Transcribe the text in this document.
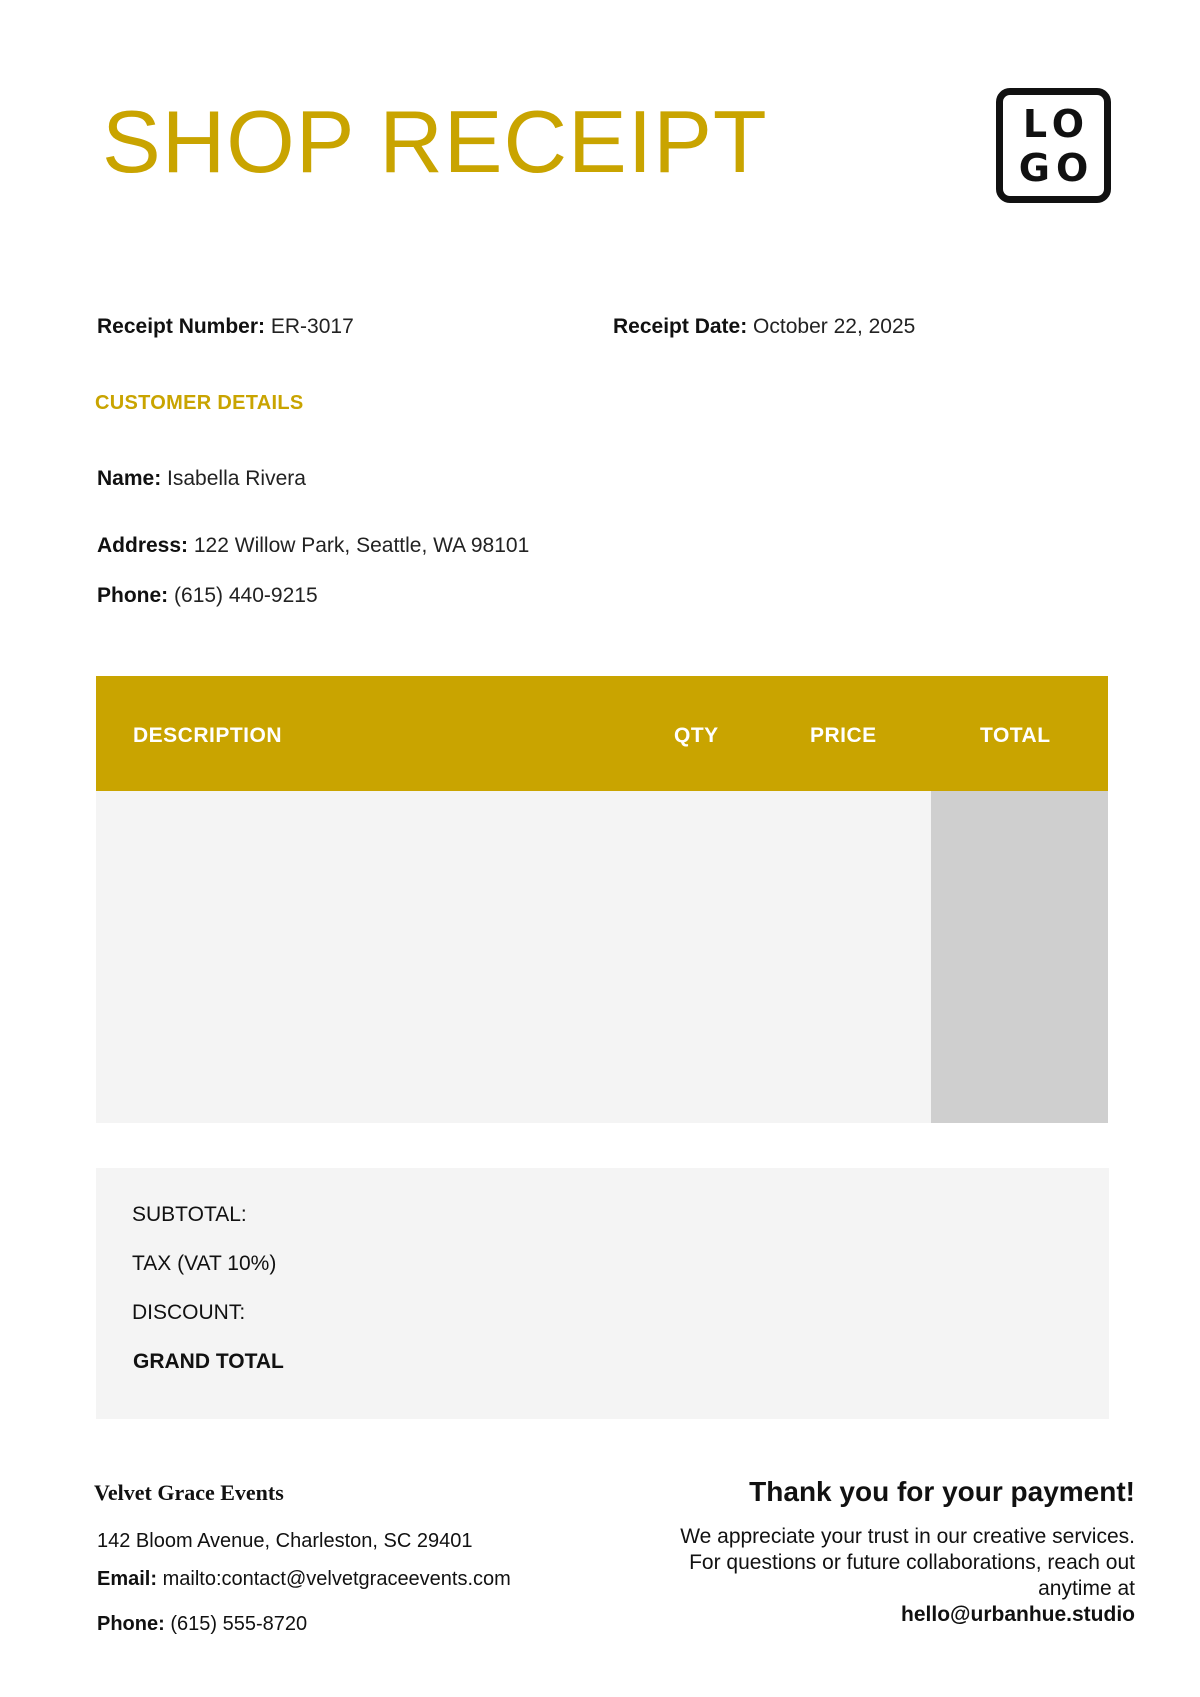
SHOP RECEIPT	LO GO
Receipt Number: ER-3017	Receipt Date: October 22, 2025
CUSTOMER DETAILS
Name: Isabella Rivera
Address: 122 Willow Park, Seattle, WA 98101
Phone: (615) 440-9215
DESCRIPTION	QTY	PRICE	TOTAL
SUBTOTAL:
TAX (VAT 10%)
DISCOUNT:
GRAND TOTAL
Velvet Grace Events
142 Bloom Avenue, Charleston, SC 29401
Email: mailto:contact@velvetgraceevents.com
Phone: (615) 555-8720
Thank you for your payment!
We appreciate your trust in our creative services. For questions or future collaborations, reach out anytime at
hello@urbanhue.studio
